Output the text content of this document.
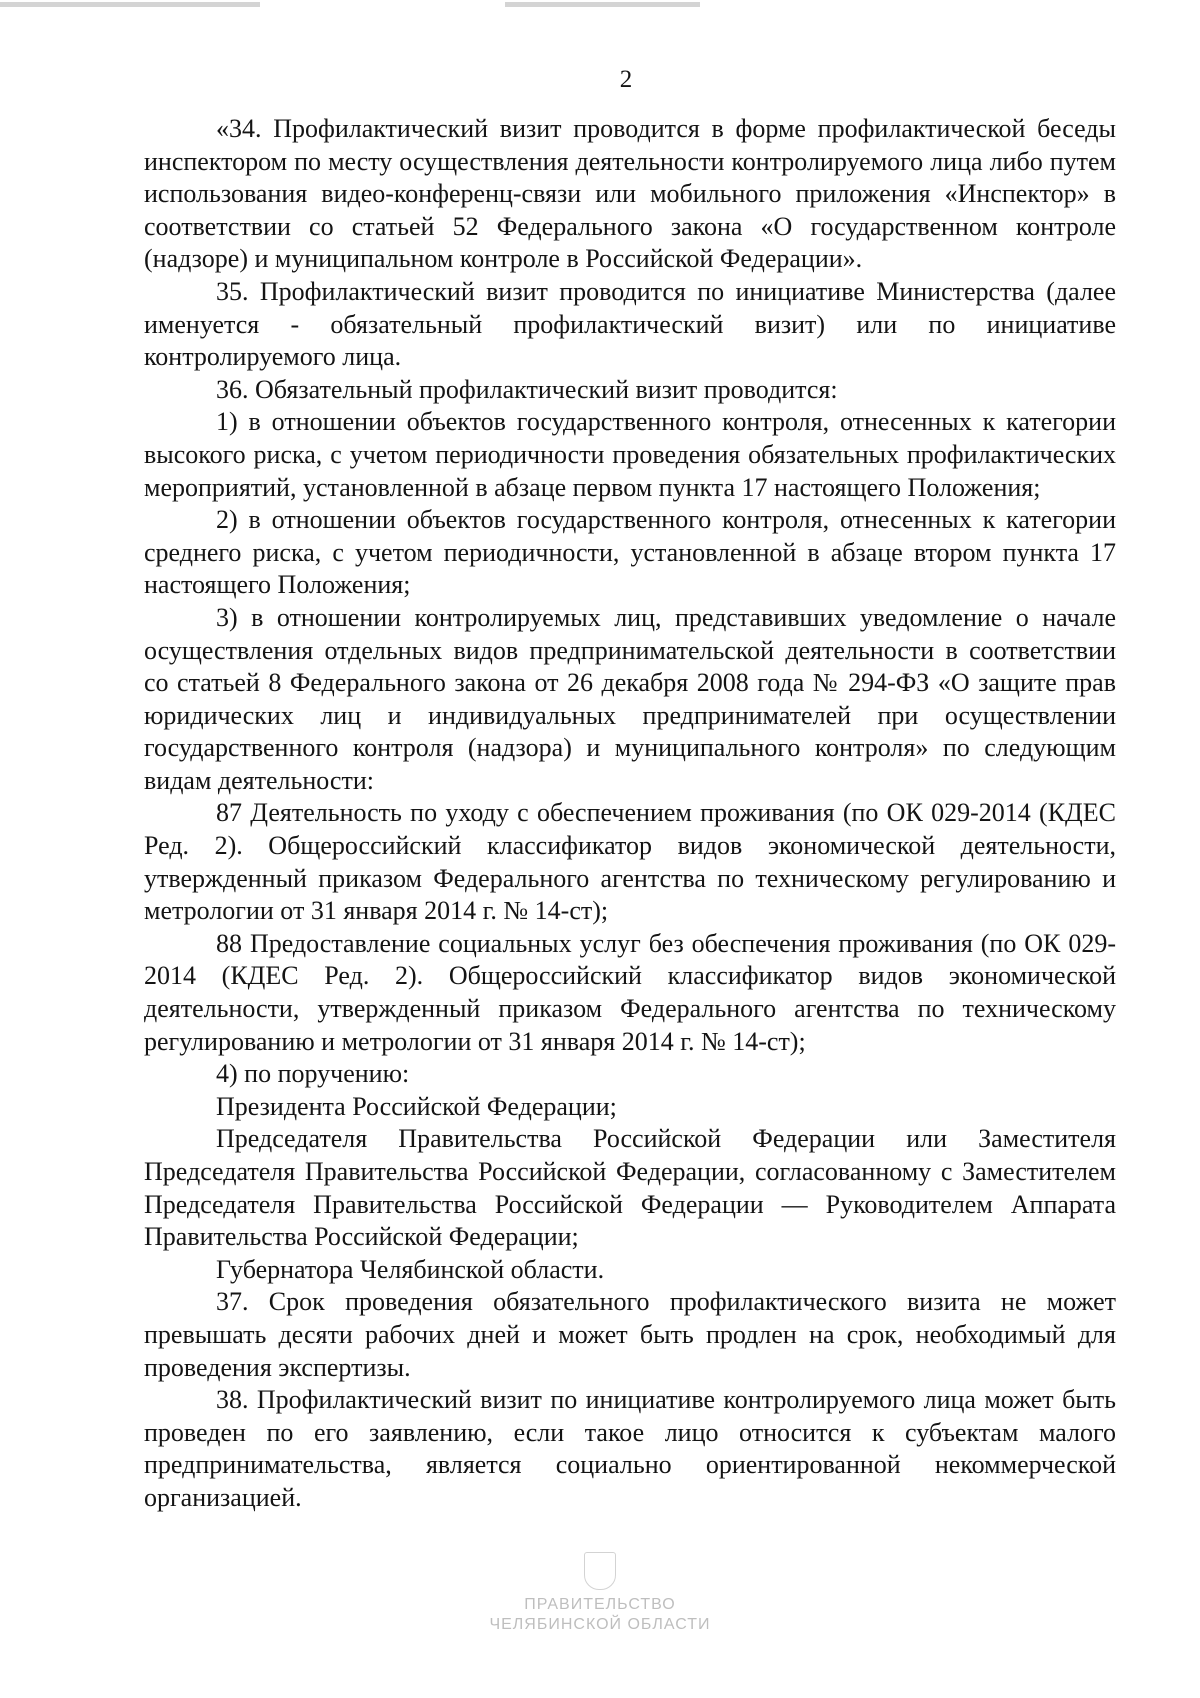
2

«34. Профилактический визит проводится в форме профилактической беседы инспектором по месту осуществления деятельности контролируемого лица либо путем использования видео-конференц-связи или мобильного приложения «Инспектор» в соответствии со статьей 52 Федерального закона «О государственном контроле (надзоре) и муниципальном контроле в Российской Федерации».

35. Профилактический визит проводится по инициативе Министерства (далее именуется - обязательный профилактический визит) или по инициативе контролируемого лица.

36. Обязательный профилактический визит проводится:

1) в отношении объектов государственного контроля, отнесенных к категории высокого риска, с учетом периодичности проведения обязательных профилактических мероприятий, установленной в абзаце первом пункта 17 настоящего Положения;

2) в отношении объектов государственного контроля, отнесенных к категории среднего риска, с учетом периодичности, установленной в абзаце втором пункта 17 настоящего Положения;

3) в отношении контролируемых лиц, представивших уведомление о начале осуществления отдельных видов предпринимательской деятельности в соответствии со статьей 8 Федерального закона от 26 декабря 2008 года № 294-ФЗ «О защите прав юридических лиц и индивидуальных предпринимателей при осуществлении государственного контроля (надзора) и муниципального контроля» по следующим видам деятельности:

87 Деятельность по уходу с обеспечением проживания (по ОК 029-2014 (КДЕС Ред. 2). Общероссийский классификатор видов экономической деятельности, утвержденный приказом Федерального агентства по техническому регулированию и метрологии от 31 января 2014 г. № 14-ст);

88 Предоставление социальных услуг без обеспечения проживания (по ОК 029-2014 (КДЕС Ред. 2). Общероссийский классификатор видов экономической деятельности, утвержденный приказом Федерального агентства по техническому регулированию и метрологии от 31 января 2014 г. № 14-ст);

4) по поручению:

Президента Российской Федерации;

Председателя Правительства Российской Федерации или Заместителя Председателя Правительства Российской Федерации, согласованному с Заместителем Председателя Правительства Российской Федерации — Руководителем Аппарата Правительства Российской Федерации;

Губернатора Челябинской области.

37. Срок проведения обязательного профилактического визита не может превышать десяти рабочих дней и может быть продлен на срок, необходимый для проведения экспертизы.

38. Профилактический визит по инициативе контролируемого лица может быть проведен по его заявлению, если такое лицо относится к субъектам малого предпринимательства, является социально ориентированной некоммерческой организацией.

ПРАВИТЕЛЬСТВО
ЧЕЛЯБИНСКОЙ ОБЛАСТИ
